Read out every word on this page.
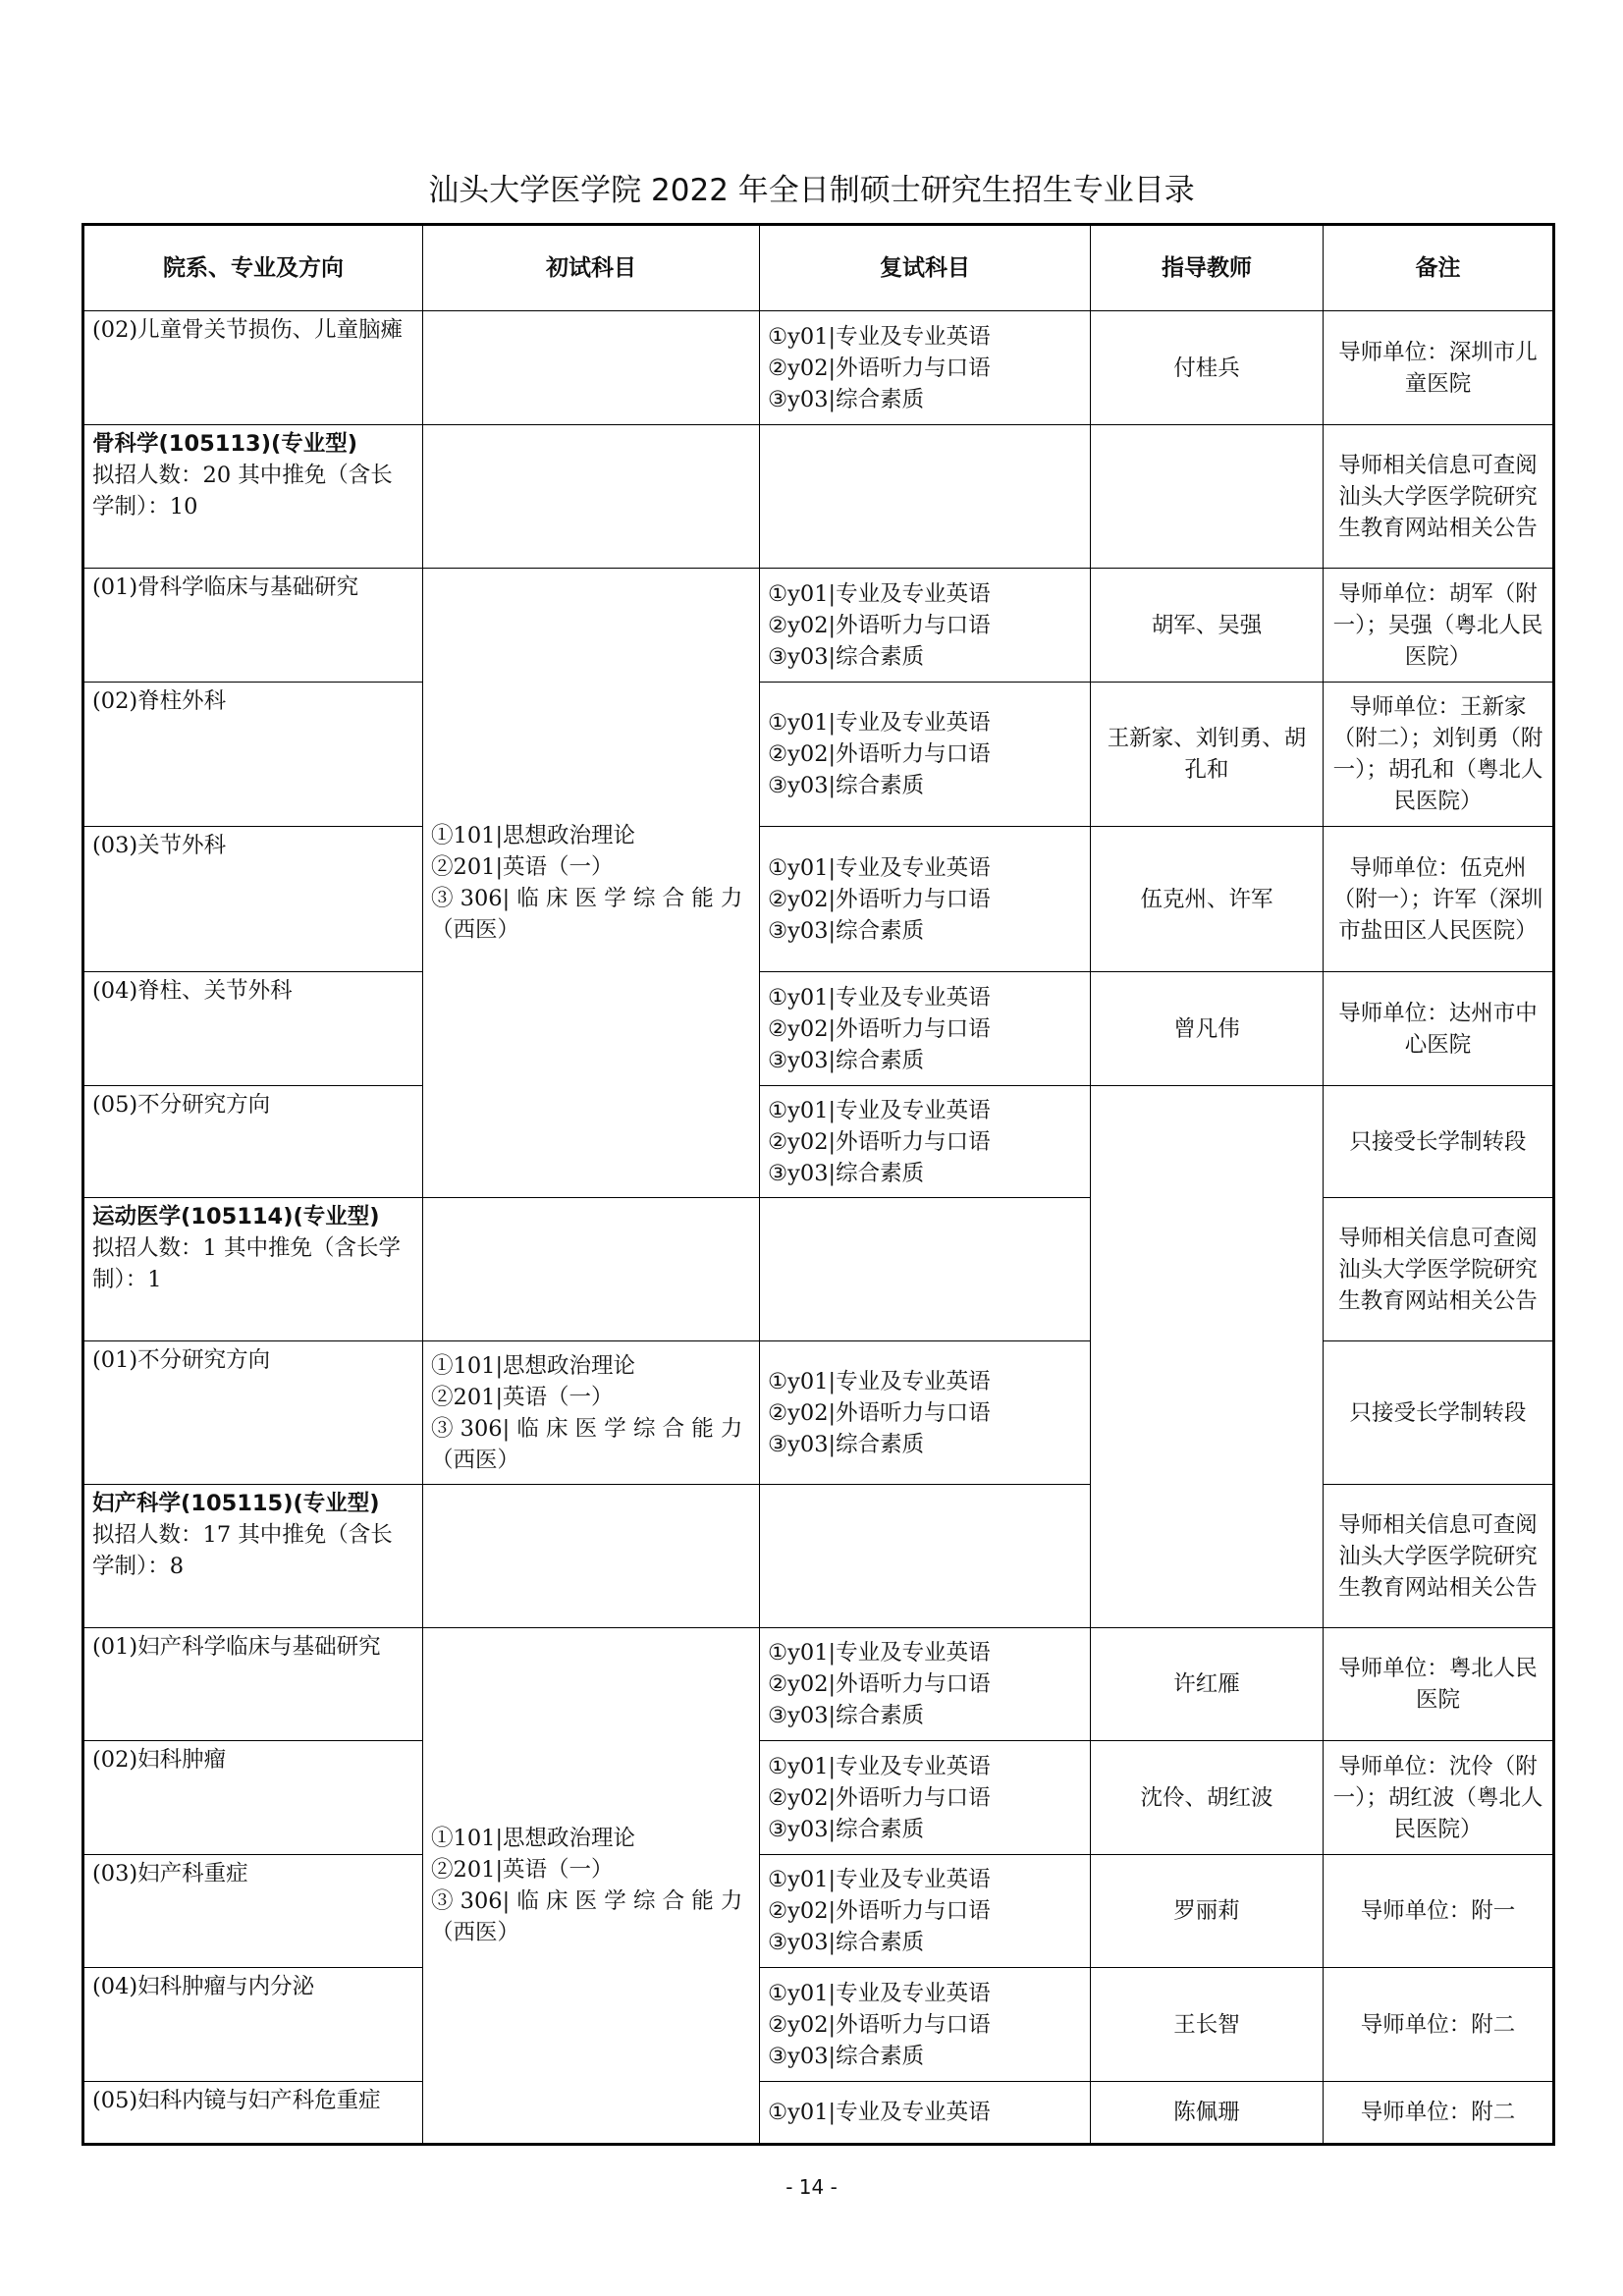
汕头大学医学院 2022 年全日制硕士研究生招生专业目录
院系、专业及方向	初试科目	复试科目	指导教师	备注
(02)儿童骨关节损伤、儿童脑瘫		①y01|专业及专业英语
②y02|外语听力与口语
③y03|综合素质	付桂兵	导师单位：深圳市儿童医院
骨科学(105113)(专业型)
拟招人数：20 其中推免（含长学制）：10				导师相关信息可查阅汕头大学医学院研究生教育网站相关公告
(01)骨科学临床与基础研究	①101|思想政治理论
②201|英语（一）
③ 306| 临 床 医 学 综 合 能 力
（西医）	①y01|专业及专业英语
②y02|外语听力与口语
③y03|综合素质	胡军、吴强	导师单位：胡军（附一）；吴强（粤北人民医院）
(02)脊柱外科		①y01|专业及专业英语
②y02|外语听力与口语
③y03|综合素质	王新家、刘钊勇、胡孔和	导师单位：王新家（附二）；刘钊勇（附一）；胡孔和（粤北人民医院）
(03)关节外科		①y01|专业及专业英语
②y02|外语听力与口语
③y03|综合素质	伍克州、许军	导师单位：伍克州（附一）；许军（深圳市盐田区人民医院）
(04)脊柱、关节外科		①y01|专业及专业英语
②y02|外语听力与口语
③y03|综合素质	曾凡伟	导师单位：达州市中心医院
(05)不分研究方向		①y01|专业及专业英语
②y02|外语听力与口语
③y03|综合素质		只接受长学制转段
运动医学(105114)(专业型)
拟招人数：1 其中推免（含长学制）：1				导师相关信息可查阅汕头大学医学院研究生教育网站相关公告
(01)不分研究方向	①101|思想政治理论
②201|英语（一）
③ 306| 临 床 医 学 综 合 能 力
（西医）	①y01|专业及专业英语
②y02|外语听力与口语
③y03|综合素质		只接受长学制转段
妇产科学(105115)(专业型)
拟招人数：17 其中推免（含长学制）：8				导师相关信息可查阅汕头大学医学院研究生教育网站相关公告
(01)妇产科学临床与基础研究	①101|思想政治理论
②201|英语（一）
③ 306| 临 床 医 学 综 合 能 力
（西医）	①y01|专业及专业英语
②y02|外语听力与口语
③y03|综合素质	许红雁	导师单位：粤北人民医院
(02)妇科肿瘤		①y01|专业及专业英语
②y02|外语听力与口语
③y03|综合素质	沈伶、胡红波	导师单位：沈伶（附一）；胡红波（粤北人民医院）
(03)妇产科重症		①y01|专业及专业英语
②y02|外语听力与口语
③y03|综合素质	罗丽莉	导师单位：附一
(04)妇科肿瘤与内分泌		①y01|专业及专业英语
②y02|外语听力与口语
③y03|综合素质	王长智	导师单位：附二
(05)妇科内镜与妇产科危重症		①y01|专业及专业英语	陈佩珊	导师单位：附二
- 14 -
